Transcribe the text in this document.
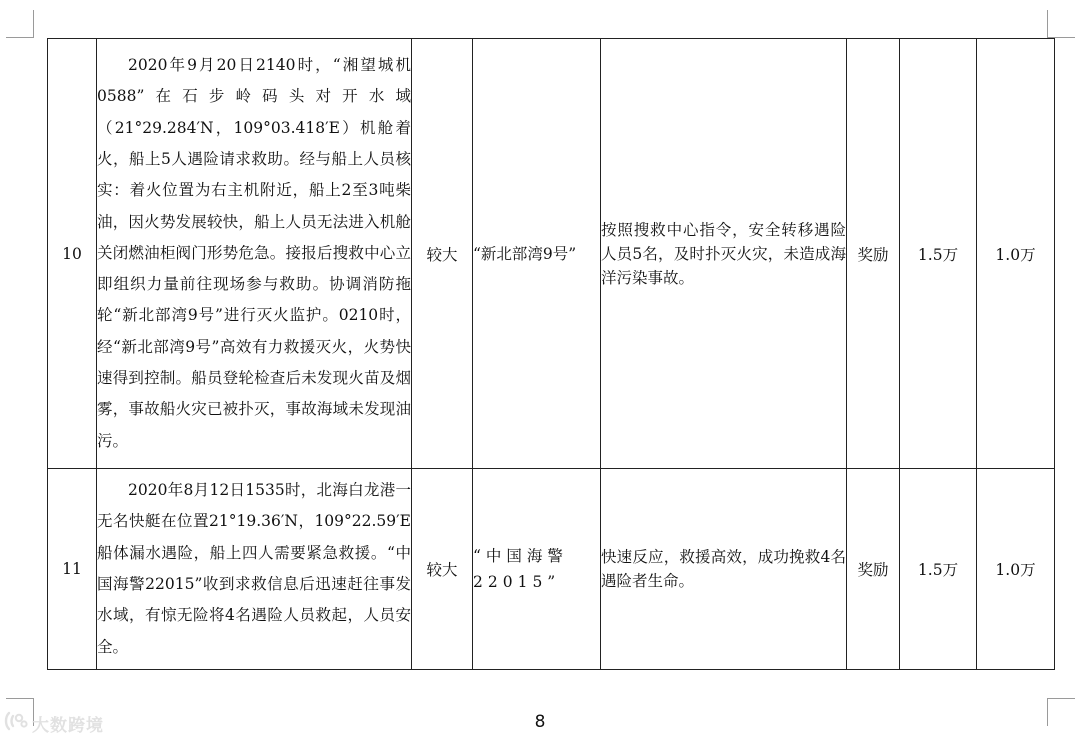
10	2020年9月20日2140时，“湘望城机0588”在石步岭码头对开水域（21°29.284′N，109°03.418′E）机舱着火，船上5人遇险请求救助。经与船上人员核实：着火位置为右主机附近，船上2至3吨柴油，因火势发展较快，船上人员无法进入机舱关闭燃油柜阀门形势危急。接报后搜救中心立即组织力量前往现场参与救助。协调消防拖轮“新北部湾9号”进行灭火监护。0210时，经“新北部湾9号”高效有力救援灭火，火势快速得到控制。船员登轮检查后未发现火苗及烟雾，事故船火灾已被扑灭，事故海域未发现油污。	较大	“新北部湾9号”	按照搜救中心指令，安全转移遇险人员5名，及时扑灭火灾，未造成海洋污染事故。	奖励	1.5万	1.0万
11	2020年8月12日1535时，北海白龙港一无名快艇在位置21°19.36′N，109°22.59′E船体漏水遇险，船上四人需要紧急救援。“中国海警22015”收到求救信息后迅速赶往事发水域，有惊无险将4名遇险人员救起，人员安全。	较大	“中国海警22015”	快速反应，救援高效，成功挽救4名遇险者生命。	奖励	1.5万	1.0万
8
大数跨境
